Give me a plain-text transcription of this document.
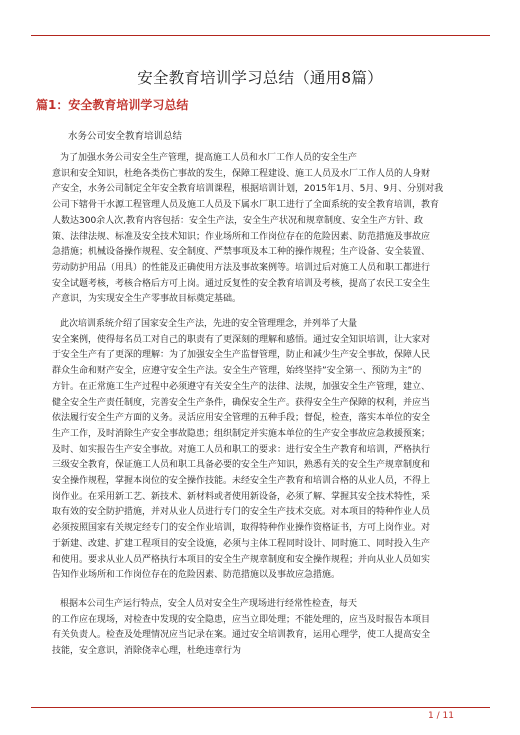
安全教育培训学习总结（通用8篇）
篇1：安全教育培训学习总结
水务公司安全教育培训总结
为了加强水务公司安全生产管理，提高施工人员和水厂工作人员的安全生产
意识和安全知识，杜绝各类伤亡事故的发生，保障工程建设、施工人员及水厂工作人员的人身财
产安全，水务公司制定全年安全教育培训课程，根据培训计划，2015年1月、5月、9月、分别对我
公司下辖骨干水源工程管理人员及施工人员及下属水厂职工进行了全面系统的安全教育培训，教育
人数达300余人次,教育内容包括：安全生产法，安全生产状况和规章制度、安全生产方针、政
策、法律法规、标准及安全技术知识；作业场所和工作岗位存在的危险因素、防范措施及事故应
急措施；机械设备操作规程、安全制度、严禁事项及本工种的操作规程；生产设备、安全装置、
劳动防护用品（用具）的性能及正确使用方法及事故案例等。培训过后对施工人员和职工都进行
安全试题考核，考核合格后方可上岗。通过反复性的安全教育培训及考核，提高了农民工安全生
产意识，为实现安全生产零事故目标奠定基础。
此次培训系统介绍了国家安全生产法，先进的安全管理理念，并列举了大量
安全案例，使得每名员工对自己的职责有了更深刻的理解和感悟。通过安全知识培训，让大家对
于安全生产有了更深的理解：为了加强安全生产监督管理，防止和减少生产安全事故，保障人民
群众生命和财产安全，应遵守安全生产法。安全生产管理，始终坚持”安全第一、预防为主”的
方针。在正常施工生产过程中必须遵守有关安全生产的法律、法规，加强安全生产管理，建立、
健全安全生产责任制度，完善安全生产条件，确保安全生产。获得安全生产保障的权利，并应当
依法履行安全生产方面的义务。灵活应用安全管理的五种手段；督促，检查，落实本单位的安全
生产工作，及时消除生产安全事故隐患；组织制定并实施本单位的生产安全事故应急救援预案；
及时、如实报告生产安全事故。对施工人员和职工的要求：进行安全生产教育和培训，严格执行
三级安全教育，保证施工人员和职工具备必要的安全生产知识，熟悉有关的安全生产规章制度和
安全操作规程，掌握本岗位的安全操作技能。未经安全生产教育和培训合格的从业人员，不得上
岗作业。在采用新工艺、新技术、新材料或者使用新设备，必须了解、掌握其安全技术特性，采
取有效的安全防护措施，并对从业人员进行专门的安全生产技术交底。对本项目的特种作业人员
必须按照国家有关规定经专门的安全作业培训，取得特种作业操作资格证书，方可上岗作业。对
于新建、改建、扩建工程项目的安全设施，必须与主体工程同时设计、同时施工、同时投入生产
和使用。要求从业人员严格执行本项目的安全生产规章制度和安全操作规程；并向从业人员如实
告知作业场所和工作岗位存在的危险因素、防范措施以及事故应急措施。
根据本公司生产运行特点，安全人员对安全生产现场进行经常性检查，每天
的工作应在现场，对检查中发现的安全隐患，应当立即处理；不能处理的，应当及时报告本项目
有关负责人。检查及处理情况应当记录在案。通过安全培训教育，运用心理学，使工人提高安全
技能，安全意识，消除侥幸心理，杜绝违章行为
1 / 11
